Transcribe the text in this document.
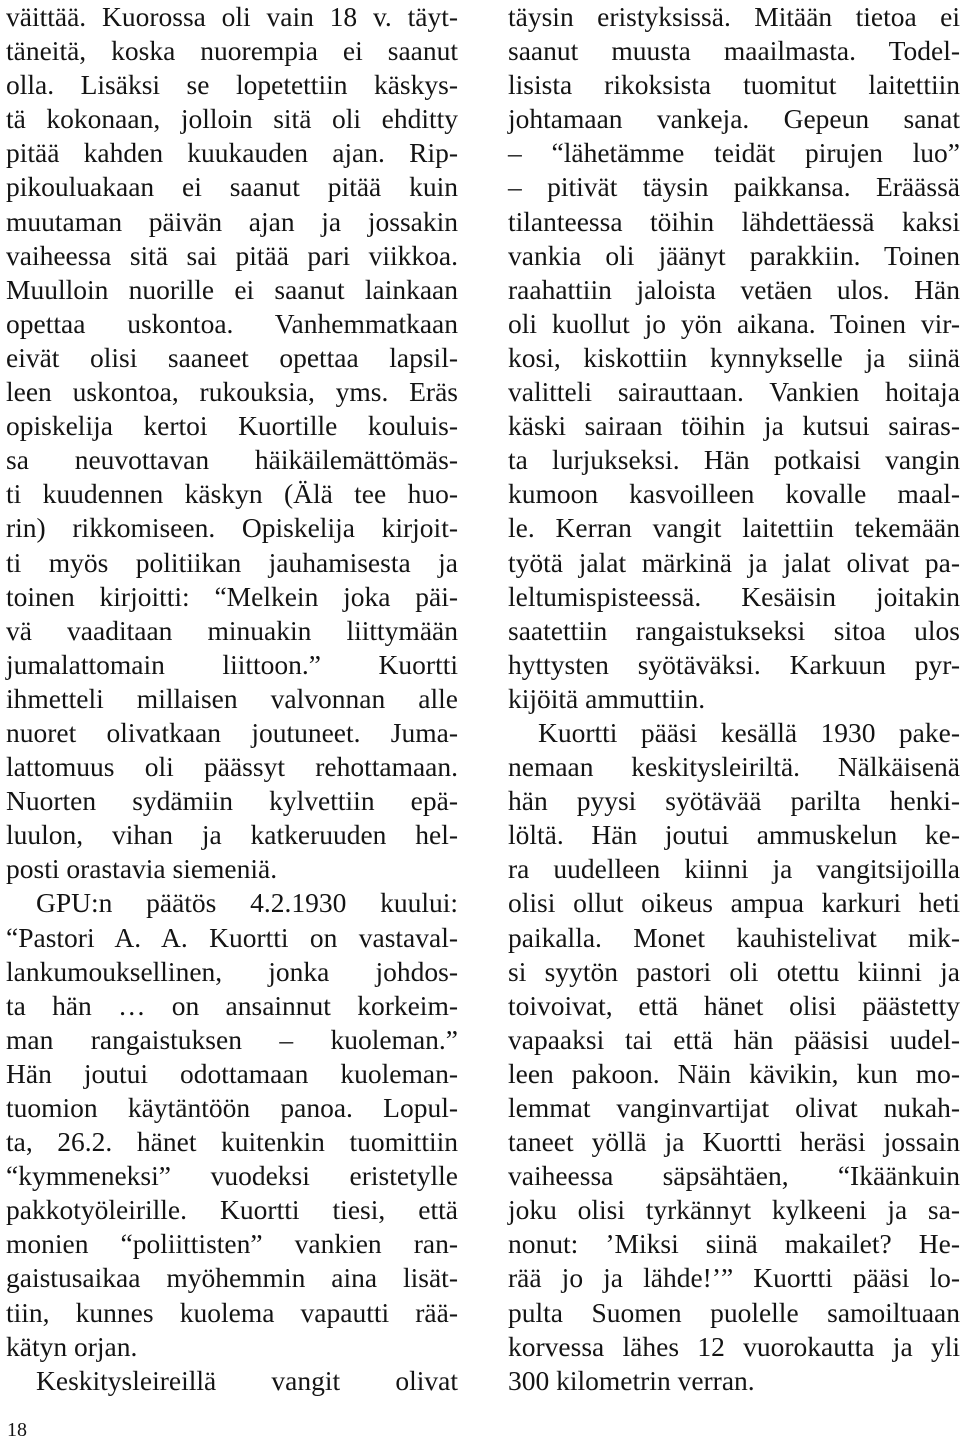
väittää. Kuorossa oli vain 18 v. täyt-
täneitä, koska nuorempia ei saanut
olla. Lisäksi se lopetettiin käskys-
tä kokonaan, jolloin sitä oli ehditty
pitää kahden kuukauden ajan. Rip-
pikouluakaan ei saanut pitää kuin
muutaman päivän ajan ja jossakin
vaiheessa sitä sai pitää pari viikkoa.
Muulloin nuorille ei saanut lainkaan
opettaa uskontoa. Vanhemmatkaan
eivät olisi saaneet opettaa lapsil-
leen uskontoa, rukouksia, yms. Eräs
opiskelija kertoi Kuortille kouluis-
sa neuvottavan häikäilemättömäs-
ti kuudennen käskyn (Älä tee huo-
rin) rikkomiseen. Opiskelija kirjoit-
ti myös politiikan jauhamisesta ja
toinen kirjoitti: “Melkein joka päi-
vä vaaditaan minuakin liittymään
jumalattomain liittoon.” Kuortti
ihmetteli millaisen valvonnan alle
nuoret olivatkaan joutuneet. Juma-
lattomuus oli päässyt rehottamaan.
Nuorten sydämiin kylvettiin epä-
luulon, vihan ja katkeruuden hel-
posti orastavia siemeniä.
GPU:n päätös 4.2.1930 kuului:
“Pastori A. A. Kuortti on vastaval-
lankumouksellinen, jonka johdos-
ta hän … on ansainnut korkeim-
man rangaistuksen – kuoleman.”
Hän joutui odottamaan kuoleman-
tuomion käytäntöön panoa. Lopul-
ta, 26.2. hänet kuitenkin tuomittiin
“kymmeneksi” vuodeksi eristetylle
pakkotyöleirille. Kuortti tiesi, että
monien “poliittisten” vankien ran-
gaistusaikaa myöhemmin aina lisät-
tiin, kunnes kuolema vapautti rää-
kätyn orjan.
Keskitysleireillä vangit olivat
täysin eristyksissä. Mitään tietoa ei
saanut muusta maailmasta. Todel-
lisista rikoksista tuomitut laitettiin
johtamaan vankeja. Gepeun sanat
– “lähetämme teidät pirujen luo”
– pitivät täysin paikkansa. Eräässä
tilanteessa töihin lähdettäessä kaksi
vankia oli jäänyt parakkiin. Toinen
raahattiin jaloista vetäen ulos. Hän
oli kuollut jo yön aikana. Toinen vir-
kosi, kiskottiin kynnykselle ja siinä
valitteli sairauttaan. Vankien hoitaja
käski sairaan töihin ja kutsui sairas-
ta lurjukseksi. Hän potkaisi vangin
kumoon kasvoilleen kovalle maal-
le. Kerran vangit laitettiin tekemään
työtä jalat märkinä ja jalat olivat pa-
leltumispisteessä. Kesäisin joitakin
saatettiin rangaistukseksi sitoa ulos
hyttysten syötäväksi. Karkuun pyr-
kijöitä ammuttiin.
Kuortti pääsi kesällä 1930 pake-
nemaan keskitysleiriltä. Nälkäisenä
hän pyysi syötävää parilta henki-
löltä. Hän joutui ammuskelun ke-
ra uudelleen kiinni ja vangitsijoilla
olisi ollut oikeus ampua karkuri heti
paikalla. Monet kauhistelivat mik-
si syytön pastori oli otettu kiinni ja
toivoivat, että hänet olisi päästetty
vapaaksi tai että hän pääsisi uudel-
leen pakoon. Näin kävikin, kun mo-
lemmat vanginvartijat olivat nukah-
taneet yöllä ja Kuortti heräsi jossain
vaiheessa säpsähtäen, “Ikäänkuin
joku olisi tyrkännyt kylkeeni ja sa-
nonut: ’Miksi siinä makailet? He-
rää jo ja lähde!’” Kuortti pääsi lo-
pulta Suomen puolelle samoiltuaan
korvessa lähes 12 vuorokautta ja yli
300 kilometrin verran.
18
